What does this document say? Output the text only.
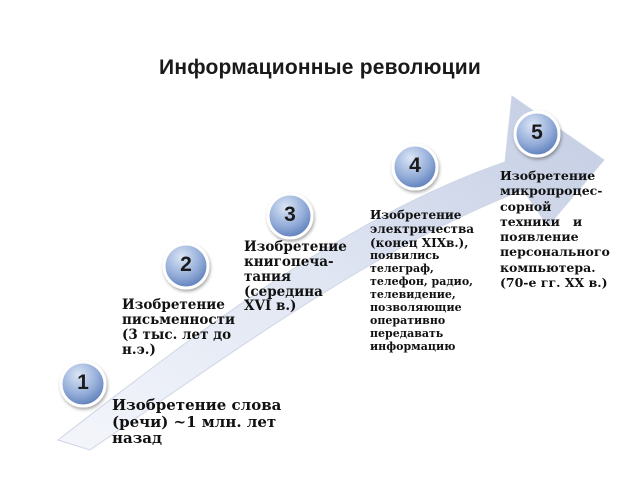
Информационные революции
1
2
3
4
5
Изобретение слова
(речи) ~1 млн. лет
назад
Изобретение
письменности
(3 тыс. лет до
н.э.)
Изобретение
книгопеча-
тания
(середина
XVI в.)
Изобретение
электричества
(конец XIXв.),
появились
телеграф,
телефон, радио,
телевидение,
позволяющие
оперативно
передавать
информацию
Изобретение
микропроцес-
сорной
техники   и
появление
персонального
компьютера.
(70-е гг. XX в.)
